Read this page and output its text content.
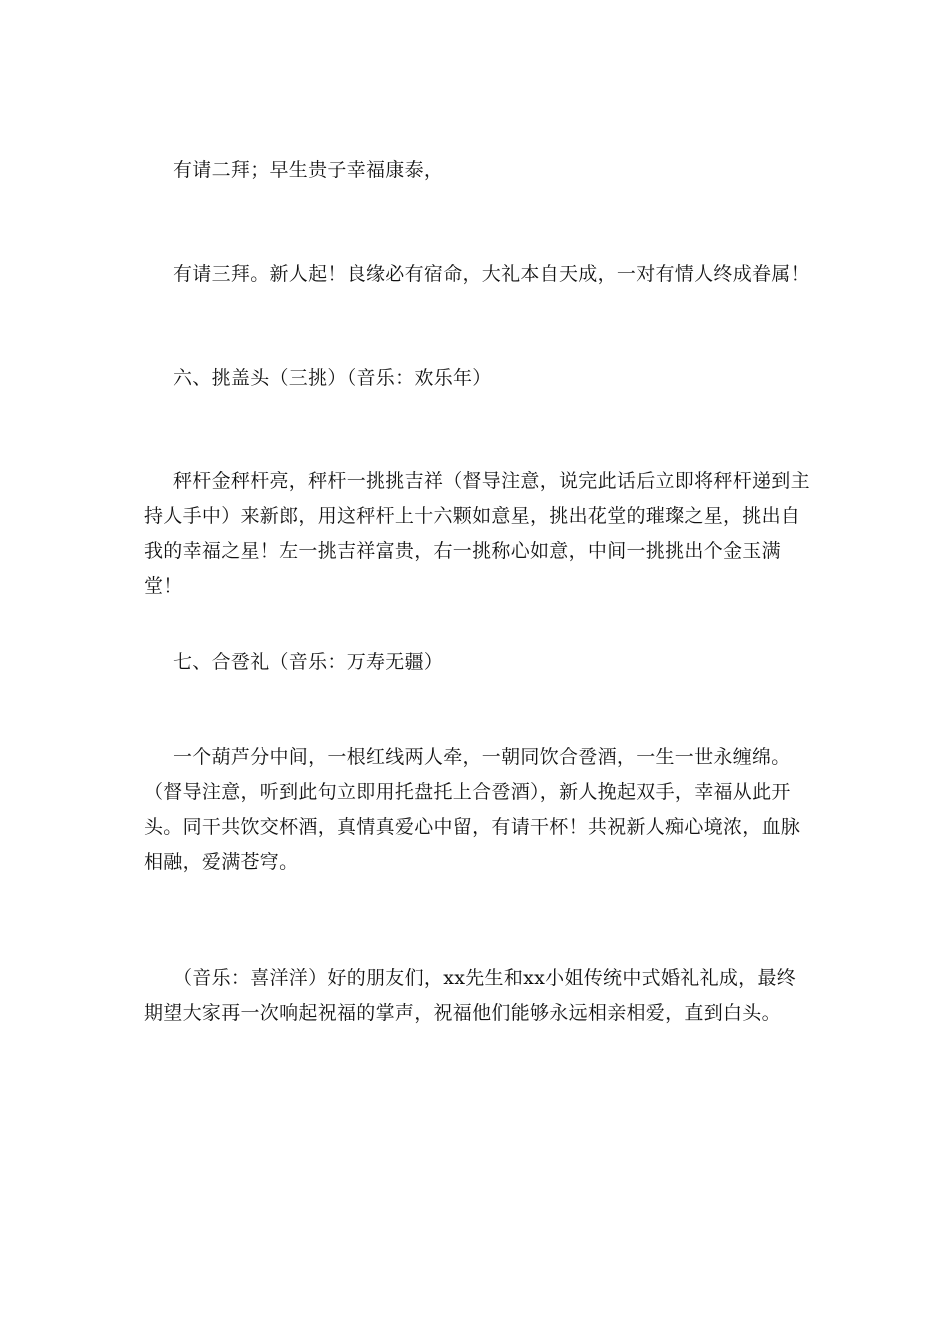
有请二拜；早生贵子幸福康泰，

有请三拜。新人起！良缘必有宿命，大礼本自天成，一对有情人终成眷属！

六、挑盖头（三挑）（音乐：欢乐年）

秤杆金秤杆亮，秤杆一挑挑吉祥（督导注意，说完此话后立即将秤杆递到主持人手中）来新郎，用这秤杆上十六颗如意星，挑出花堂的璀璨之星，挑出自我的幸福之星！左一挑吉祥富贵，右一挑称心如意，中间一挑挑出个金玉满堂！

七、合卺礼（音乐：万寿无疆）

一个葫芦分中间，一根红线两人牵，一朝同饮合卺酒，一生一世永缠绵。（督导注意，听到此句立即用托盘托上合卺酒），新人挽起双手，幸福从此开头。同干共饮交杯酒，真情真爱心中留，有请干杯！共祝新人痴心境浓，血脉相融，爱满苍穹。

（音乐：喜洋洋）好的朋友们，xx先生和xx小姐传统中式婚礼礼成，最终期望大家再一次响起祝福的掌声，祝福他们能够永远相亲相爱，直到白头。
